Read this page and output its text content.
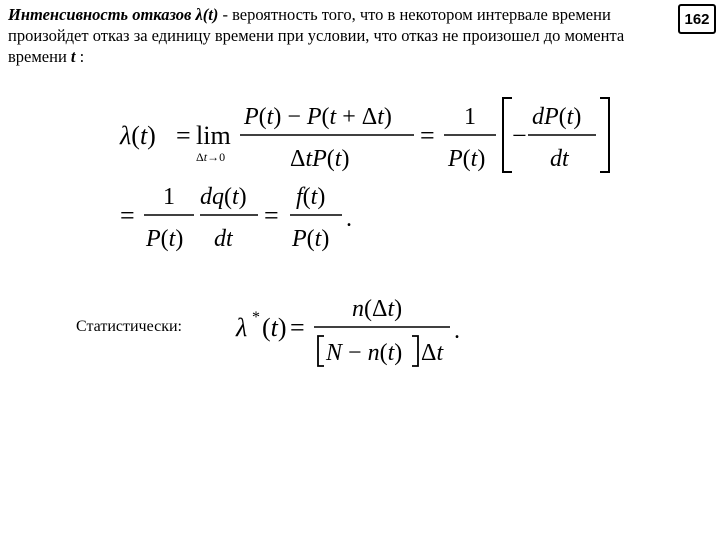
Интенсивность отказов λ(t) - вероятность того, что в некотором интервале времени произойдет отказ за единицу времени при условии, что отказ не произошел до момента времени t :

162
λ(t) = lim
Δt→0
P(t) − P(t + Δt)
ΔtP(t)
=
1
P(t)
−
dP(t)
dt
=
1
P(t)
dq(t)
dt
=
f(t)
P(t)
.
Статистически: λ * (t) =
n(Δt)
N − n(t) Δt
.
